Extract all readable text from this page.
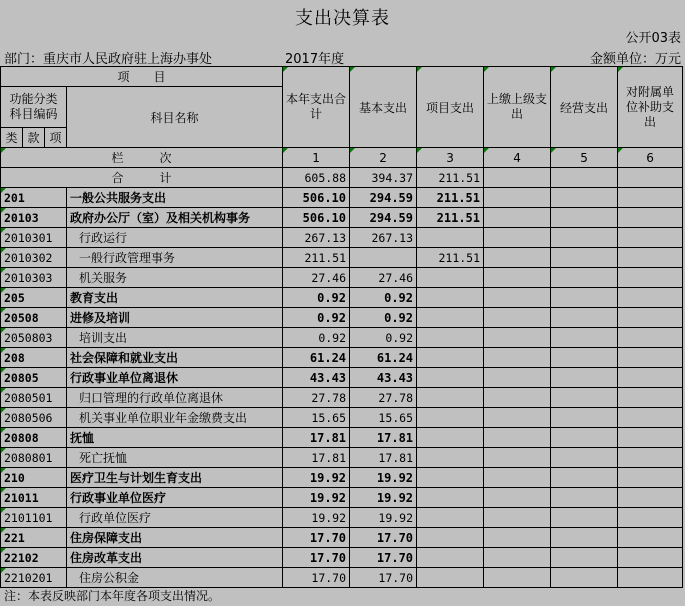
支出决算表
公开03表
部门：重庆市人民政府驻上海办事处	2017年度	金额单位：万元
项　　目				本年支出合计	基本支出	项目支出	上缴上级支出	经营支出	对附属单位补助支出
功能分类科目编码			科目名称						
类	款	项							
栏　　　次				1	2	3	4	5	6
合　　　计				605.88	394.37	211.51			
201			一般公共服务支出	506.10	294.59	211.51			
20103			政府办公厅（室）及相关机构事务	506.10	294.59	211.51			
2010301			行政运行	267.13	267.13				
2010302			一般行政管理事务	211.51		211.51			
2010303			机关服务	27.46	27.46				
205			教育支出	0.92	0.92				
20508			进修及培训	0.92	0.92				
2050803			培训支出	0.92	0.92				
208			社会保障和就业支出	61.24	61.24				
20805			行政事业单位离退休	43.43	43.43				
2080501			归口管理的行政单位离退休	27.78	27.78				
2080506			机关事业单位职业年金缴费支出	15.65	15.65				
20808			抚恤	17.81	17.81				
2080801			死亡抚恤	17.81	17.81				
210			医疗卫生与计划生育支出	19.92	19.92				
21011			行政事业单位医疗	19.92	19.92				
2101101			行政单位医疗	19.92	19.92				
221			住房保障支出	17.70	17.70				
22102			住房改革支出	17.70	17.70				
2210201			住房公积金	17.70	17.70				
注：本表反映部门本年度各项支出情况。
